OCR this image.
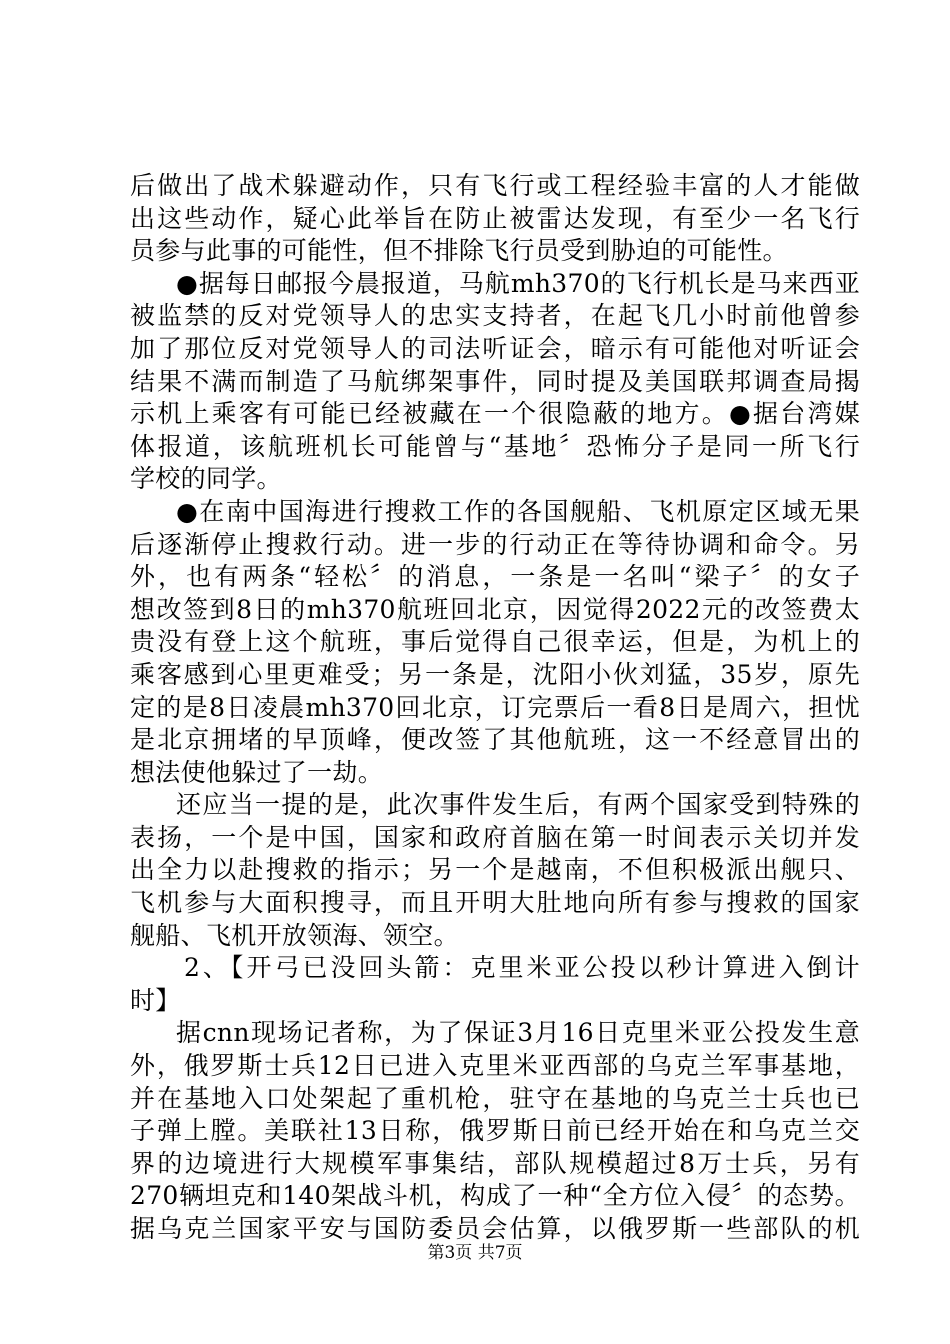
后做出了战术躲避动作，只有飞行或工程经验丰富的人才能做
出这些动作，疑心此举旨在防止被雷达发现，有至少一名飞行
员参与此事的可能性，但不排除飞行员受到胁迫的可能性。
●据每日邮报今晨报道，马航mh370的飞行机长是马来西亚
被监禁的反对党领导人的忠实支持者，在起飞几小时前他曾参
加了那位反对党领导人的司法听证会，暗示有可能他对听证会
结果不满而制造了马航绑架事件，同时提及美国联邦调查局揭
示机上乘客有可能已经被藏在一个很隐蔽的地方。●据台湾媒
体报道，该航班机长可能曾与“基地〞恐怖分子是同一所飞行
学校的同学。
●在南中国海进行搜救工作的各国舰船、飞机原定区域无果
后逐渐停止搜救行动。进一步的行动正在等待协调和命令。另
外，也有两条“轻松〞的消息，一条是一名叫“梁子〞的女子
想改签到8日的mh370航班回北京，因觉得2022元的改签费太
贵没有登上这个航班，事后觉得自己很幸运，但是，为机上的
乘客感到心里更难受；另一条是，沈阳小伙刘猛，35岁，原先
定的是8日凌晨mh370回北京，订完票后一看8日是周六，担忧
是北京拥堵的早顶峰，便改签了其他航班，这一不经意冒出的
想法使他躲过了一劫。
还应当一提的是，此次事件发生后，有两个国家受到特殊的
表扬，一个是中国，国家和政府首脑在第一时间表示关切并发
出全力以赴搜救的指示；另一个是越南，不但积极派出舰只、
飞机参与大面积搜寻，而且开明大肚地向所有参与搜救的国家
舰船、飞机开放领海、领空。
2、【开弓已没回头箭：克里米亚公投以秒计算进入倒计
时】
据cnn现场记者称，为了保证3月16日克里米亚公投发生意
外，俄罗斯士兵12日已进入克里米亚西部的乌克兰军事基地，
并在基地入口处架起了重机枪，驻守在基地的乌克兰士兵也已
子弹上膛。美联社13日称，俄罗斯日前已经开始在和乌克兰交
界的边境进行大规模军事集结，部队规模超过8万士兵，另有
270辆坦克和140架战斗机，构成了一种“全方位入侵〞的态势。
据乌克兰国家平安与国防委员会估算，以俄罗斯一些部队的机
第3页 共7页
